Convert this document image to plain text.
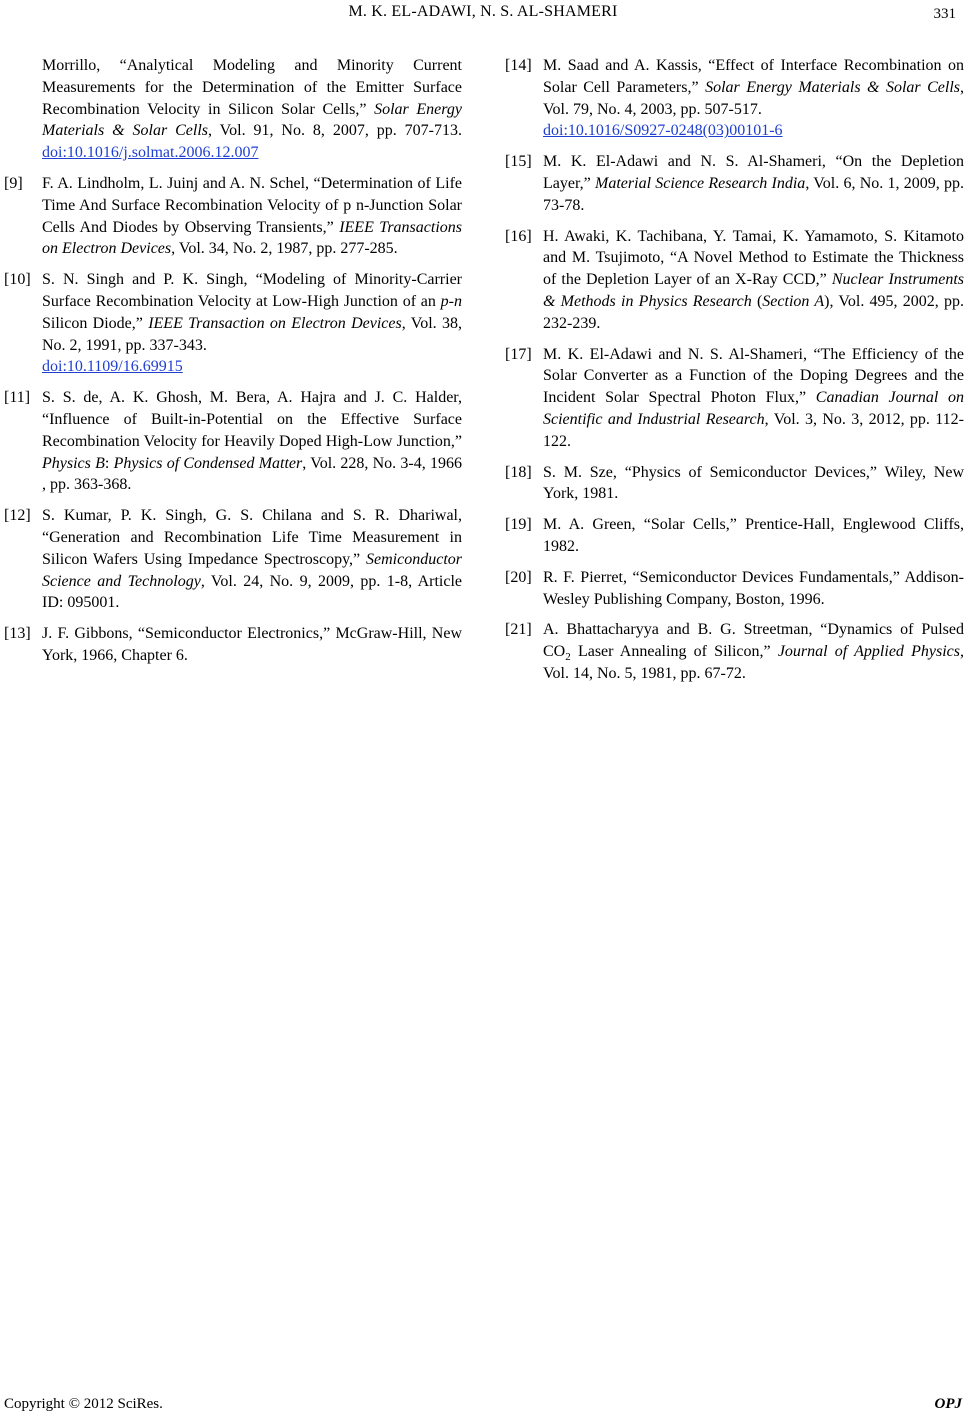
M. K. EL-ADAWI, N. S. AL-SHAMERI	331
Morrillo, “Analytical Modeling and Minority Current Measurements for the Determination of the Emitter Surface Recombination Velocity in Silicon Solar Cells,” Solar Energy Materials & Solar Cells, Vol. 91, No. 8, 2007, pp. 707-713. doi:10.1016/j.solmat.2006.12.007
[9]	F. A. Lindholm, L. Juinj and A. N. Schel, “Determination of Life Time And Surface Recombination Velocity of p n-Junction Solar Cells And Diodes by Observing Transients,” IEEE Transactions on Electron Devices, Vol. 34, No. 2, 1987, pp. 277-285.
[10] S. N. Singh and P. K. Singh, “Modeling of Minority-Carrier Surface Recombination Velocity at Low-High Junction of an p-n Silicon Diode,” IEEE Transaction on Electron Devices, Vol. 38, No. 2, 1991, pp. 337-343.
doi:10.1109/16.69915
[11] S. S. de, A. K. Ghosh, M. Bera, A. Hajra and J. C. Halder, “Influence of Built-in-Potential on the Effective Surface Recombination Velocity for Heavily Doped High-Low Junction,” Physics B: Physics of Condensed Matter, Vol. 228, No. 3-4, 1966 , pp. 363-368.
[12] S. Kumar, P. K. Singh, G. S. Chilana and S. R. Dhariwal, “Generation and Recombination Life Time Measurement in Silicon Wafers Using Impedance Spectroscopy,” Semiconductor Science and Technology, Vol. 24, No. 9, 2009, pp. 1-8, Article ID: 095001.
[13] J. F. Gibbons, “Semiconductor Electronics,” McGraw-Hill, New York, 1966, Chapter 6.
[14] M. Saad and A. Kassis, “Effect of Interface Recombination on Solar Cell Parameters,” Solar Energy Materials & Solar Cells, Vol. 79, No. 4, 2003, pp. 507-517.
doi:10.1016/S0927-0248(03)00101-6
[15] M. K. El-Adawi and N. S. Al-Shameri, “On the Depletion Layer,” Material Science Research India, Vol. 6, No. 1, 2009, pp. 73-78.
[16] H. Awaki, K. Tachibana, Y. Tamai, K. Yamamoto, S. Kitamoto and M. Tsujimoto, “A Novel Method to Estimate the Thickness of the Depletion Layer of an X-Ray CCD,” Nuclear Instruments & Methods in Physics Research (Section A), Vol. 495, 2002, pp. 232-239.
[17] M. K. El-Adawi and N. S. Al-Shameri, “The Efficiency of the Solar Converter as a Function of the Doping Degrees and the Incident Solar Spectral Photon Flux,” Canadian Journal on Scientific and Industrial Research, Vol. 3, No. 3, 2012, pp. 112-122.
[18] S. M. Sze, “Physics of Semiconductor Devices,” Wiley, New York, 1981.
[19] M. A. Green, “Solar Cells,” Prentice-Hall, Englewood Cliffs, 1982.
[20] R. F. Pierret, “Semiconductor Devices Fundamentals,” Addison-Wesley Publishing Company, Boston, 1996.
[21] A. Bhattacharyya and B. G. Streetman, “Dynamics of Pulsed $CO_2$ Laser Annealing of Silicon,” Journal of Applied Physics, Vol. 14, No. 5, 1981, pp. 67-72.
Copyright © 2012 SciRes.	OPJ
